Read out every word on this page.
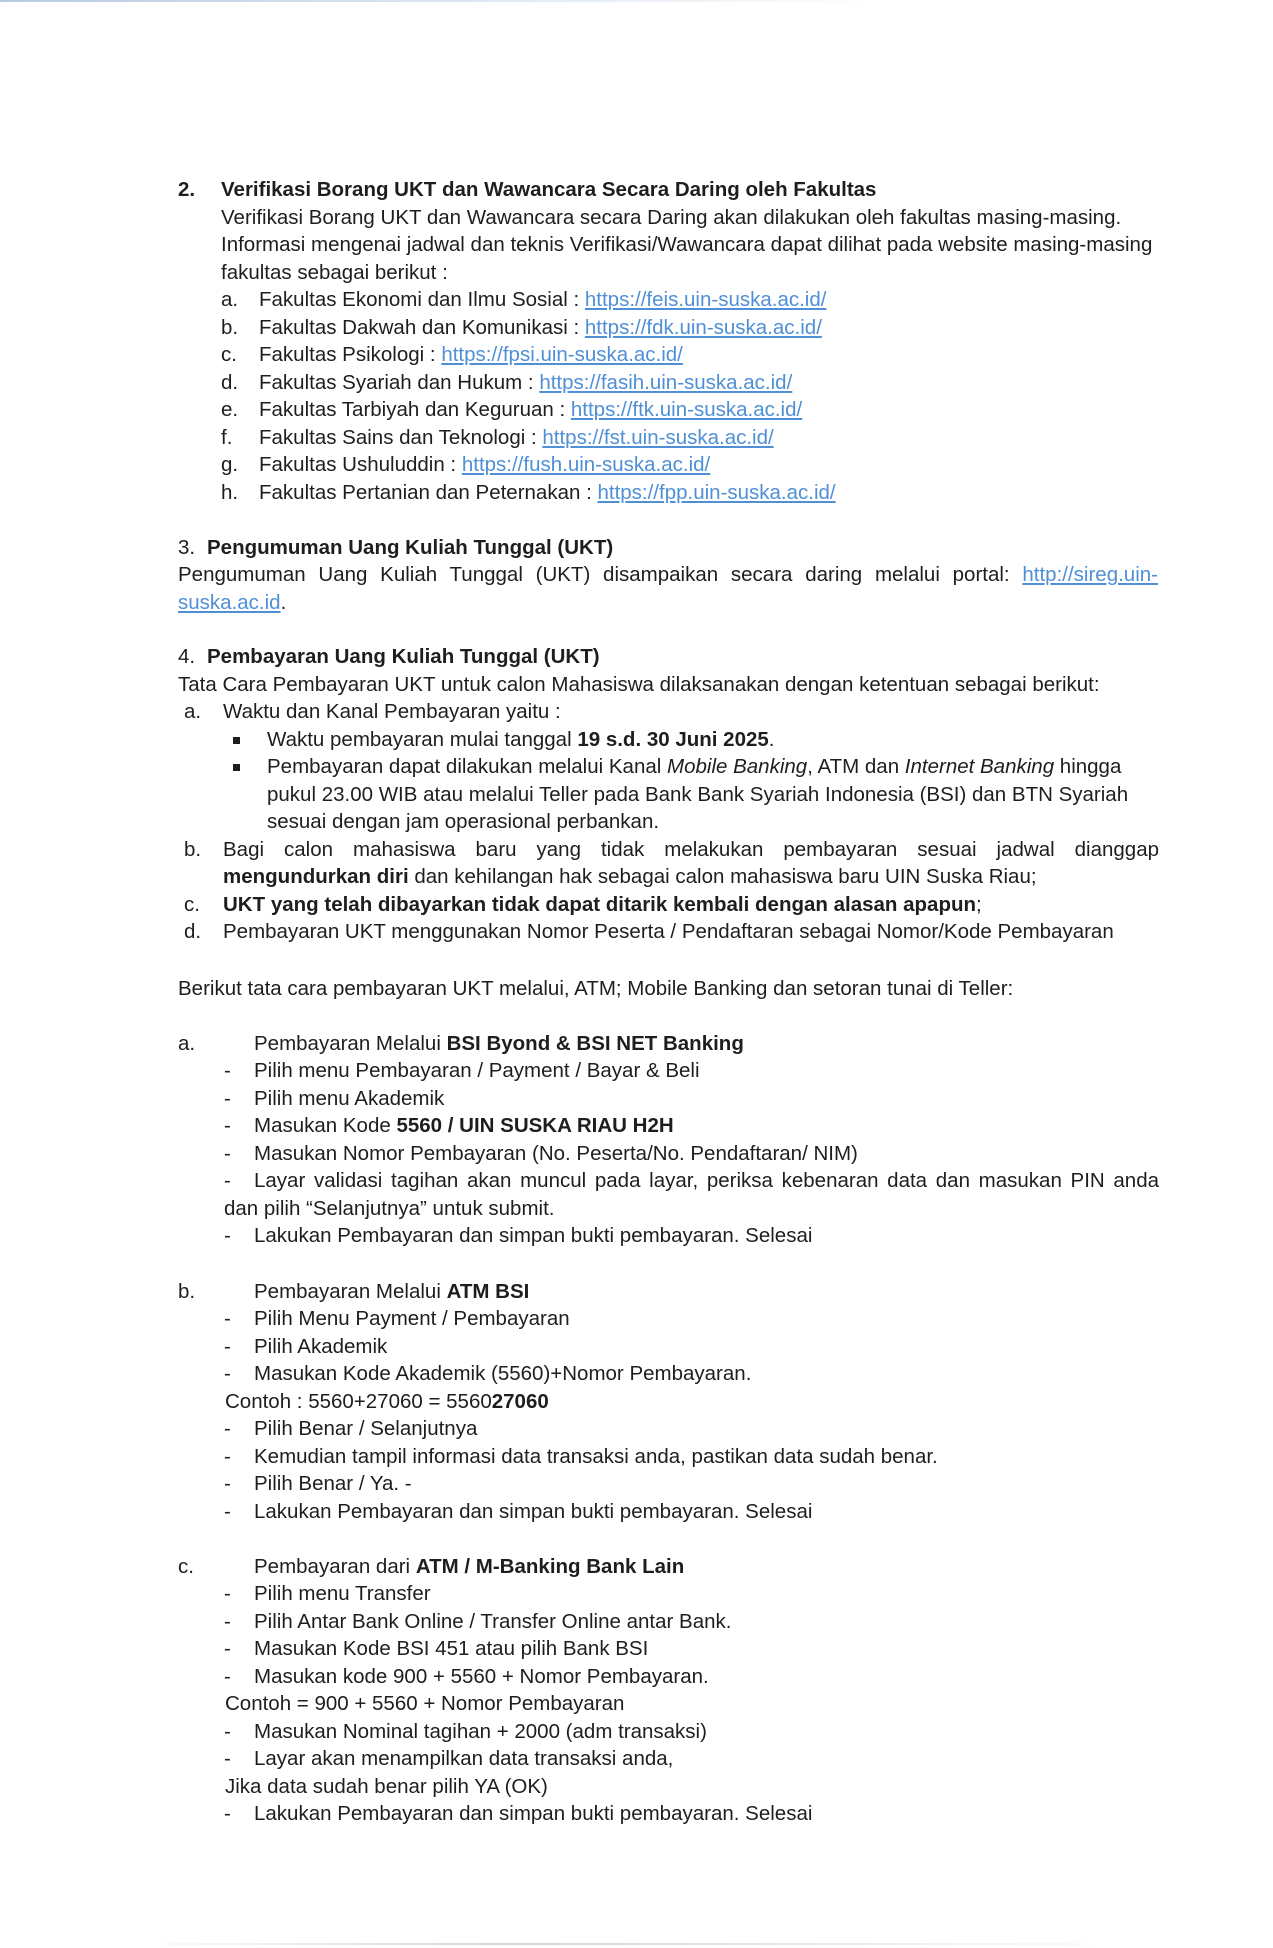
2. Verifikasi Borang UKT dan Wawancara Secara Daring oleh Fakultas
Verifikasi Borang UKT dan Wawancara secara Daring akan dilakukan oleh fakultas masing-masing.
Informasi mengenai jadwal dan teknis Verifikasi/Wawancara dapat dilihat pada website masing-masing
fakultas sebagai berikut :
a. Fakultas Ekonomi dan Ilmu Sosial : https://feis.uin-suska.ac.id/
b. Fakultas Dakwah dan Komunikasi : https://fdk.uin-suska.ac.id/
c. Fakultas Psikologi : https://fpsi.uin-suska.ac.id/
d. Fakultas Syariah dan Hukum : https://fasih.uin-suska.ac.id/
e. Fakultas Tarbiyah dan Keguruan : https://ftk.uin-suska.ac.id/
f. Fakultas Sains dan Teknologi : https://fst.uin-suska.ac.id/
g. Fakultas Ushuluddin : https://fush.uin-suska.ac.id/
h. Fakultas Pertanian dan Peternakan : https://fpp.uin-suska.ac.id/
3. Pengumuman Uang Kuliah Tunggal (UKT)
Pengumuman Uang Kuliah Tunggal (UKT) disampaikan secara daring melalui portal: http://sireg.uin-
suska.ac.id.
4. Pembayaran Uang Kuliah Tunggal (UKT)
Tata Cara Pembayaran UKT untuk calon Mahasiswa dilaksanakan dengan ketentuan sebagai berikut:
a. Waktu dan Kanal Pembayaran yaitu :
Waktu pembayaran mulai tanggal 19 s.d. 30 Juni 2025.
Pembayaran dapat dilakukan melalui Kanal Mobile Banking, ATM dan Internet Banking hingga
pukul 23.00 WIB atau melalui Teller pada Bank Bank Syariah Indonesia (BSI) dan BTN Syariah
sesuai dengan jam operasional perbankan.
b. Bagi calon mahasiswa baru yang tidak melakukan pembayaran sesuai jadwal dianggap
mengundurkan diri dan kehilangan hak sebagai calon mahasiswa baru UIN Suska Riau;
c. UKT yang telah dibayarkan tidak dapat ditarik kembali dengan alasan apapun;
d. Pembayaran UKT menggunakan Nomor Peserta / Pendaftaran sebagai Nomor/Kode Pembayaran
Berikut tata cara pembayaran UKT melalui, ATM; Mobile Banking dan setoran tunai di Teller:
a.	Pembayaran Melalui BSI Byond & BSI NET Banking
- Pilih menu Pembayaran / Payment / Bayar & Beli
- Pilih menu Akademik
- Masukan Kode 5560 / UIN SUSKA RIAU H2H
- Masukan Nomor Pembayaran (No. Peserta/No. Pendaftaran/ NIM)
- Layar validasi tagihan akan muncul pada layar, periksa kebenaran data dan masukan PIN anda
dan pilih “Selanjutnya” untuk submit.
- Lakukan Pembayaran dan simpan bukti pembayaran. Selesai
b.	Pembayaran Melalui ATM BSI
- Pilih Menu Payment / Pembayaran
- Pilih Akademik
- Masukan Kode Akademik (5560)+Nomor Pembayaran.
Contoh : 5560+27060 = 556027060
- Pilih Benar / Selanjutnya
- Kemudian tampil informasi data transaksi anda, pastikan data sudah benar.
- Pilih Benar / Ya. -
- Lakukan Pembayaran dan simpan bukti pembayaran. Selesai
c.	Pembayaran dari ATM / M-Banking Bank Lain
- Pilih menu Transfer
- Pilih Antar Bank Online / Transfer Online antar Bank.
- Masukan Kode BSI 451 atau pilih Bank BSI
- Masukan kode 900 + 5560 + Nomor Pembayaran.
Contoh = 900 + 5560 + Nomor Pembayaran
- Masukan Nominal tagihan + 2000 (adm transaksi)
- Layar akan menampilkan data transaksi anda,
Jika data sudah benar pilih YA (OK)
- Lakukan Pembayaran dan simpan bukti pembayaran. Selesai
